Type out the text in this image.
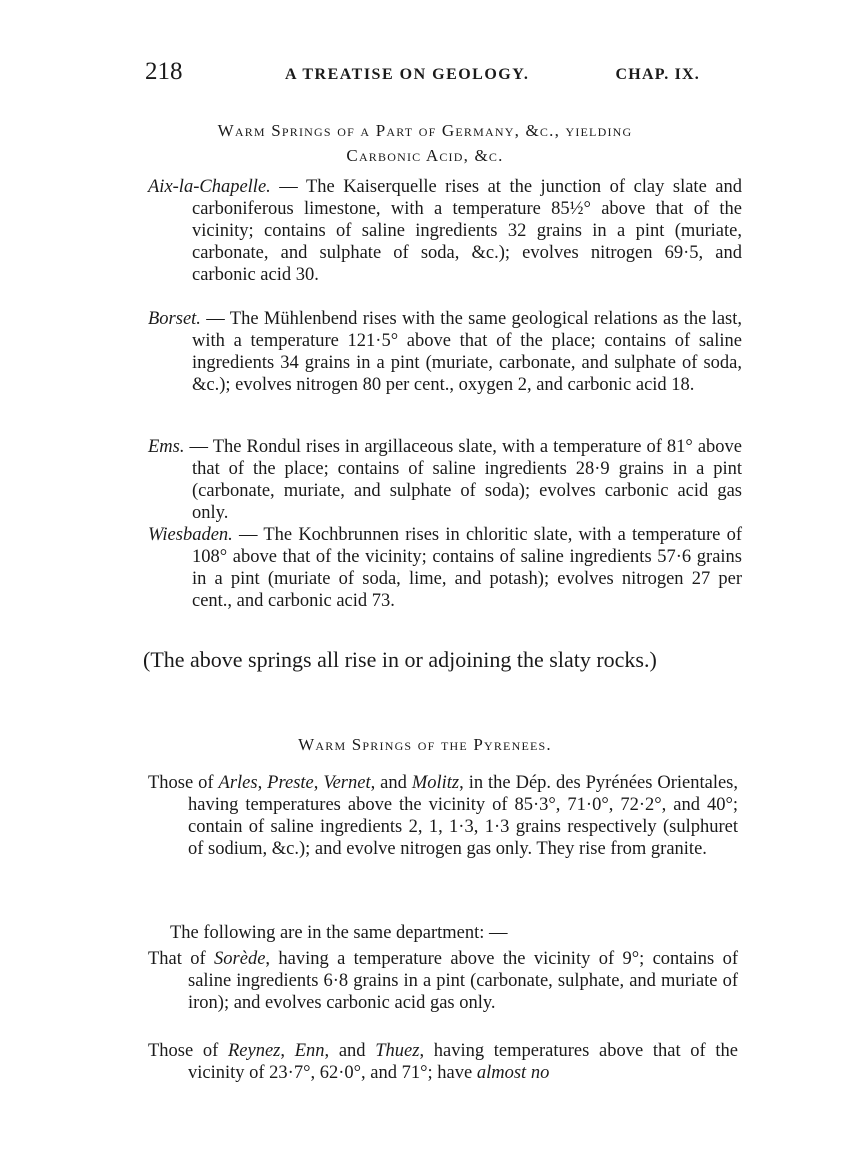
218	A TREATISE ON GEOLOGY.	CHAP. IX.
Warm Springs of a Part of Germany, &c., yielding
Carbonic Acid, &c.
Aix-la-Chapelle. — The Kaiserquelle rises at the junction of clay slate and carboniferous limestone, with a temperature 85½° above that of the vicinity; contains of saline ingredients 32 grains in a pint (muriate, carbonate, and sulphate of soda, &c.); evolves nitrogen 69·5, and carbonic acid 30.
Borset. — The Mühlenbend rises with the same geological relations as the last, with a temperature 121·5° above that of the place; contains of saline ingredients 34 grains in a pint (muriate, carbonate, and sulphate of soda, &c.); evolves nitrogen 80 per cent., oxygen 2, and carbonic acid 18.
Ems. — The Rondul rises in argillaceous slate, with a temperature of 81° above that of the place; contains of saline ingredients 28·9 grains in a pint (carbonate, muriate, and sulphate of soda); evolves carbonic acid gas only.
Wiesbaden. — The Kochbrunnen rises in chloritic slate, with a temperature of 108° above that of the vicinity; contains of saline ingredients 57·6 grains in a pint (muriate of soda, lime, and potash); evolves nitrogen 27 per cent., and carbonic acid 73.
(The above springs all rise in or adjoining the slaty rocks.)
Warm Springs of the Pyrenees.
Those of Arles, Preste, Vernet, and Molitz, in the Dép. des Pyrénées Orientales, having temperatures above the vicinity of 85·3°, 71·0°, 72·2°, and 40°; contain of saline ingredients 2, 1, 1·3, 1·3 grains respectively (sulphuret of sodium, &c.); and evolve nitrogen gas only. They rise from granite.
The following are in the same department: —
That of Sorède, having a temperature above the vicinity of 9°; contains of saline ingredients 6·8 grains in a pint (carbonate, sulphate, and muriate of iron); and evolves carbonic acid gas only.
Those of Reynez, Enn, and Thuez, having temperatures above that of the vicinity of 23·7°, 62·0°, and 71°; have almost no
